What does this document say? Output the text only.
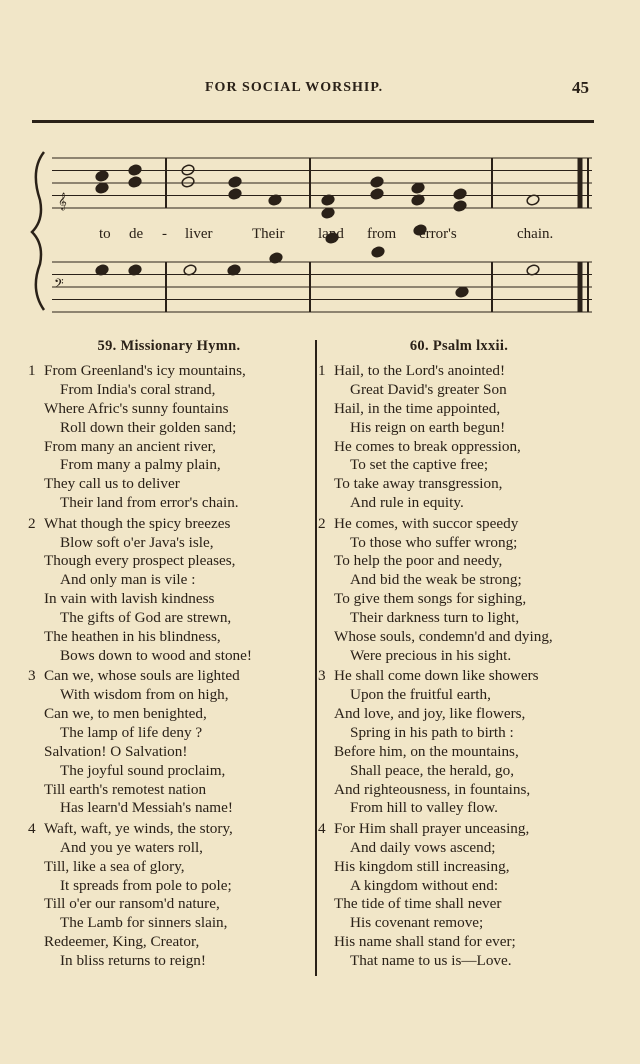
FOR SOCIAL WORSHIP.	45
𝄞
𝄢
to de - liver	Their land from error's	chain.
59. Missionary Hymn.
1 From Greenland's icy mountains,
From India's coral strand,
Where Afric's sunny fountains
Roll down their golden sand;
From many an ancient river,
From many a palmy plain,
They call us to deliver
Their land from error's chain.
2 What though the spicy breezes
Blow soft o'er Java's isle,
Though every prospect pleases,
And only man is vile :
In vain with lavish kindness
The gifts of God are strewn,
The heathen in his blindness,
Bows down to wood and stone!
3 Can we, whose souls are lighted
With wisdom from on high,
Can we, to men benighted,
The lamp of life deny ?
Salvation! O Salvation!
The joyful sound proclaim,
Till earth's remotest nation
Has learn'd Messiah's name!
4 Waft, waft, ye winds, the story,
And you ye waters roll,
Till, like a sea of glory,
It spreads from pole to pole;
Till o'er our ransom'd nature,
The Lamb for sinners slain,
Redeemer, King, Creator,
In bliss returns to reign!
60. Psalm lxxii.
1 Hail, to the Lord's anointed!
Great David's greater Son
Hail, in the time appointed,
His reign on earth begun!
He comes to break oppression,
To set the captive free;
To take away transgression,
And rule in equity.
2 He comes, with succor speedy
To those who suffer wrong;
To help the poor and needy,
And bid the weak be strong;
To give them songs for sighing,
Their darkness turn to light,
Whose souls, condemn'd and dying,
Were precious in his sight.
3 He shall come down like showers
Upon the fruitful earth,
And love, and joy, like flowers,
Spring in his path to birth :
Before him, on the mountains,
Shall peace, the herald, go,
And righteousness, in fountains,
From hill to valley flow.
4 For Him shall prayer unceasing,
And daily vows ascend;
His kingdom still increasing,
A kingdom without end:
The tide of time shall never
His covenant remove;
His name shall stand for ever;
That name to us is—Love.
